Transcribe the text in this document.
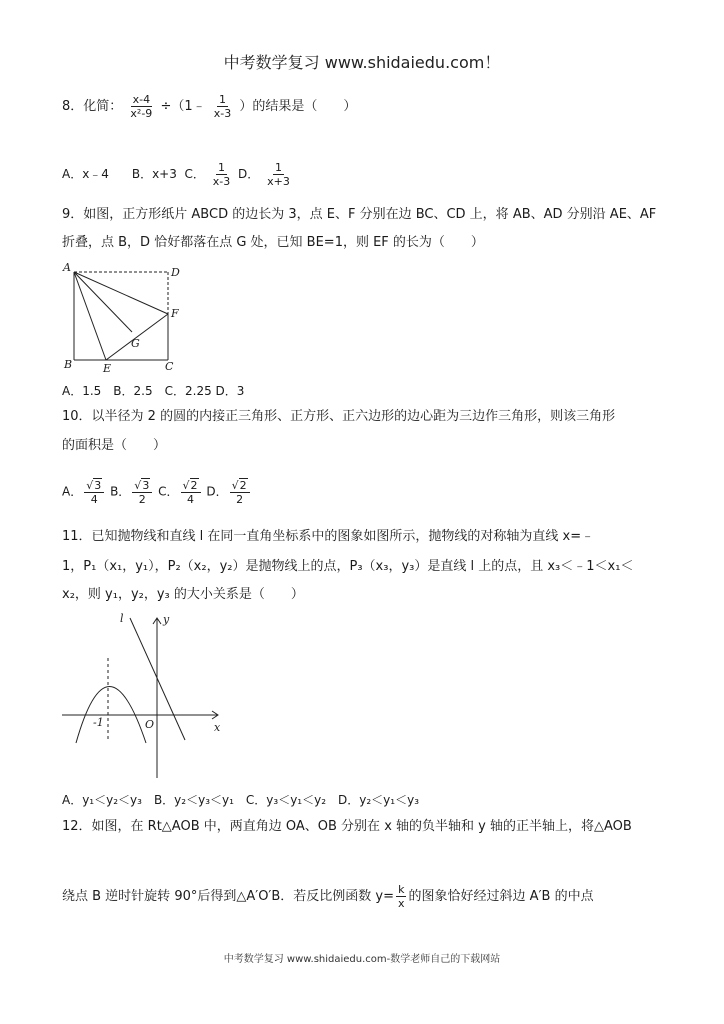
中考数学复习 www.shidaiedu.com！
8．化简： $\frac{x-4}{\text{x²-9}}$ ÷（1﹣ $\frac{1}{x-3}$ ）的结果是（　　）
A．x﹣4 B．x+3 C． $\frac{1}{x-3}$ D． $\frac{1}{x+3}$
9．如图，正方形纸片 ABCD 的边长为 3，点 E、F 分别在边 BC、CD 上，将 AB、AD 分别沿 AE、AF
折叠，点 B，D 恰好都落在点 G 处，已知 BE=1，则 EF 的长为（　　）
A	D
F
G
B	E	C
A．1.5　B．2.5　C．2.25 D．3
10．以半径为 2 的圆的内接正三角形、正方形、正六边形的边心距为三边作三角形，则该三角形
的面积是（　　）
A． $\frac{√3}{4}$ B． $\frac{√3}{2}$ C． $\frac{√2}{4}$ D． $\frac{√2}{2}$
11．已知抛物线和直线 l 在同一直角坐标系中的图象如图所示，抛物线的对称轴为直线 x=﹣
1，P₁（x₁，y₁），P₂（x₂，y₂）是抛物线上的点，P₃（x₃，y₃）是直线 l 上的点，且 x₃＜﹣1＜x₁＜
x₂，则 y₁，y₂，y₃ 的大小关系是（　　）
l	y
x
O
-1
A．y₁＜y₂＜y₃　B．y₂＜y₃＜y₁　C．y₃＜y₁＜y₂　D．y₂＜y₁＜y₃
12．如图，在 Rt△AOB 中，两直角边 OA、OB 分别在 x 轴的负半轴和 y 轴的正半轴上，将△AOB
绕点 B 逆时针旋转 90°后得到△A′O′B．若反比例函数 $y= \frac{k}{x}$ 的图象恰好经过斜边 A′B 的中点
中考数学复习 www.shidaiedu.com-数学老师自己的下载网站
